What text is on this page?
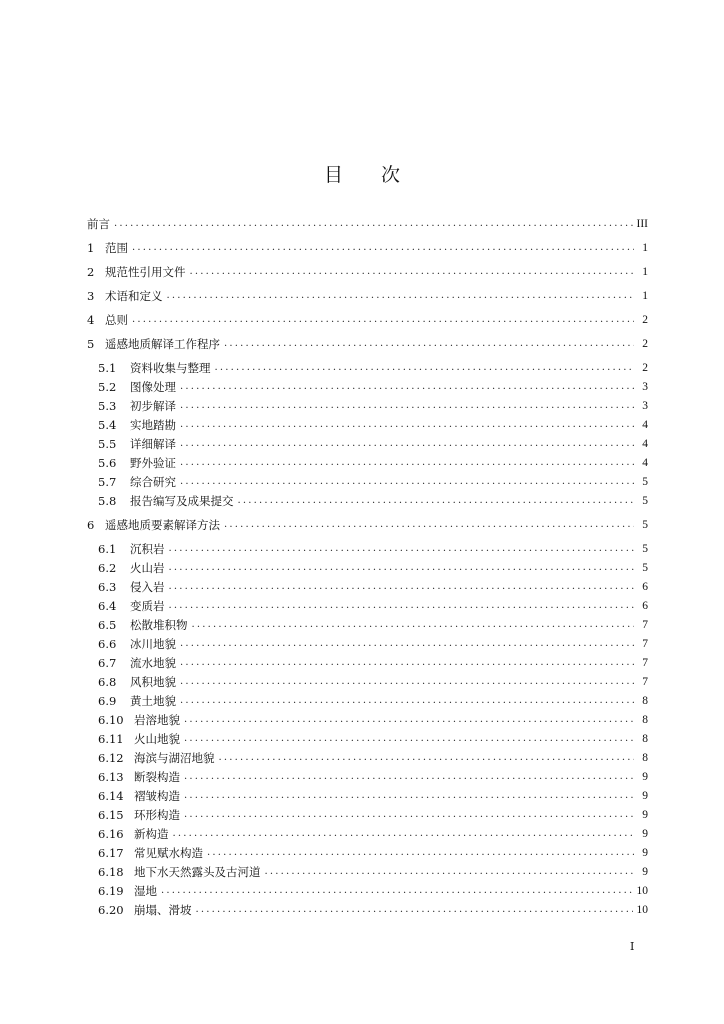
目 次
前言 .....	III
1 范围 .....	1
2 规范性引用文件 .....	1
3 术语和定义 .....	1
4 总则 .....	2
5 遥感地质解译工作程序 .....	2
5.1	资料收集与整理 .....	2
5.2	图像处理 .....	3
5.3	初步解译 .....	3
5.4	实地踏勘 .....	4
5.5	详细解译 .....	4
5.6	野外验证 .....	4
5.7	综合研究 .....	5
5.8	报告编写及成果提交 .....	5
6 遥感地质要素解译方法 .....	5
6.1	沉积岩 .....	5
6.2	火山岩 .....	5
6.3	侵入岩 .....	6
6.4	变质岩 .....	6
6.5	松散堆积物 .....	7
6.6	冰川地貌 .....	7
6.7	流水地貌 .....	7
6.8	风积地貌 .....	7
6.9	黄土地貌 .....	8
6.10 岩溶地貌 .....	8
6.11 火山地貌 .....	8
6.12 海滨与湖沼地貌 .....	8
6.13 断裂构造 .....	9
6.14 褶皱构造 .....	9
6.15 环形构造 .....	9
6.16 新构造 .....	9
6.17 常见赋水构造 .....	9
6.18 地下水天然露头及古河道 .....	9
6.19 湿地 .....	10
6.20 崩塌、滑坡 .....	10
I
